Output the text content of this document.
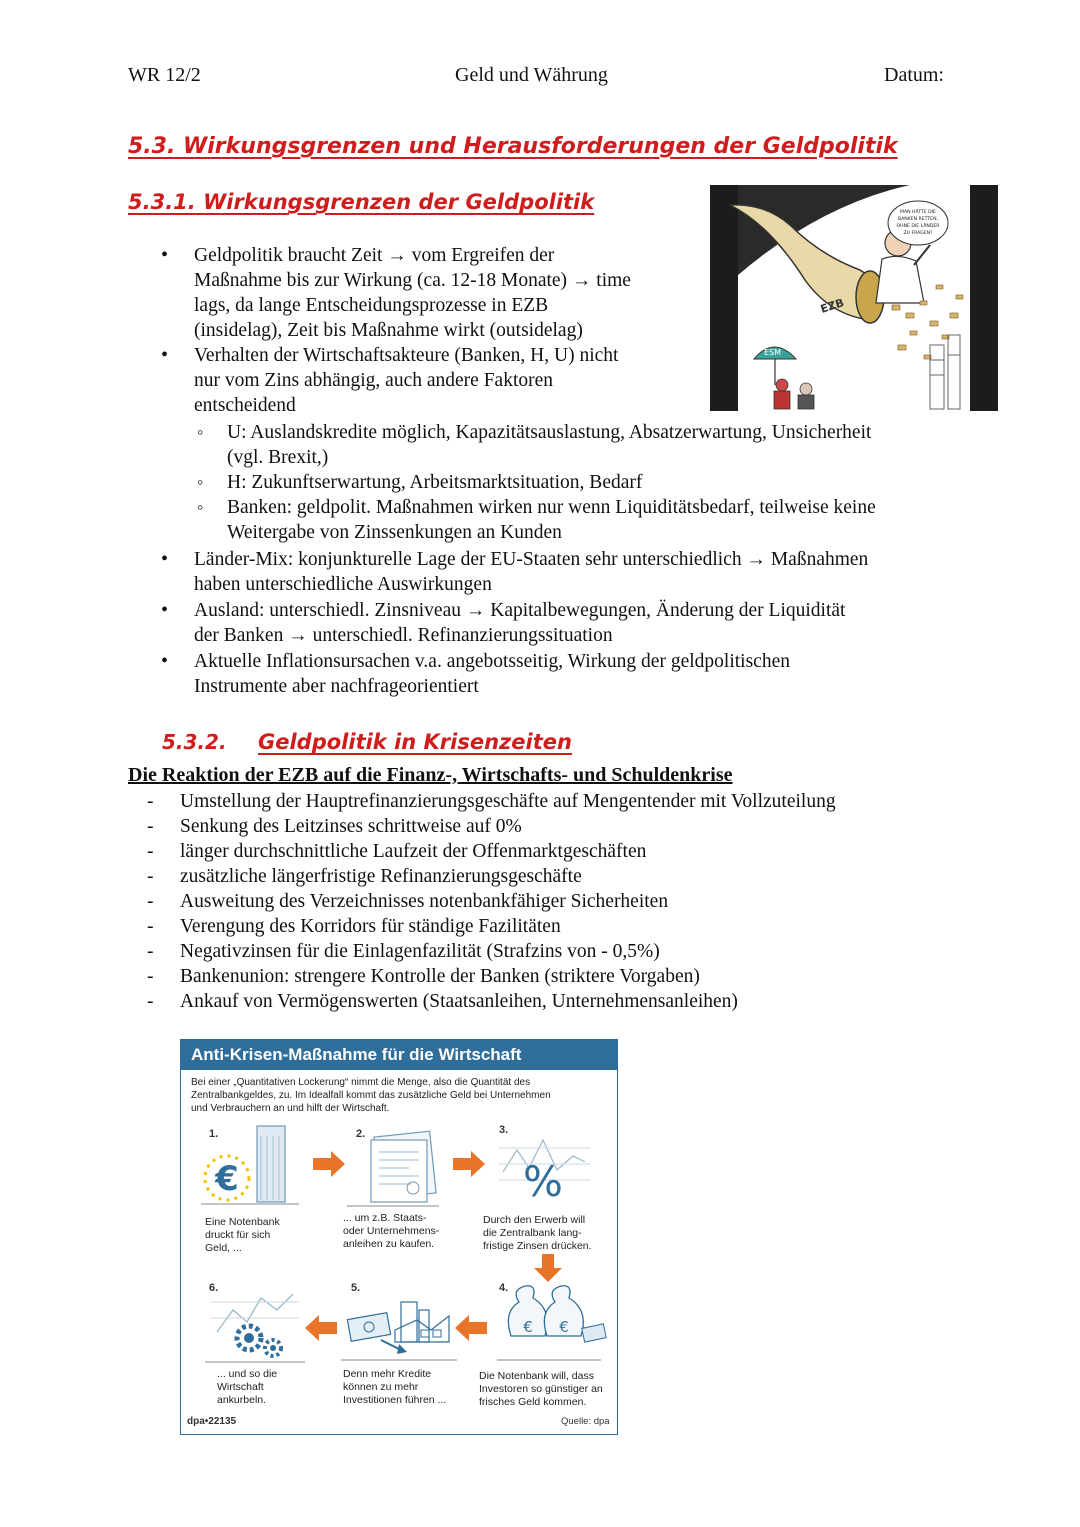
WR 12/2	Geld und Währung	Datum:
5.3. Wirkungsgrenzen und Herausforderungen der Geldpolitik
5.3.1. Wirkungsgrenzen der Geldpolitik
EZB
ESM
MAN HÄTTE DIE
BANKEN RETTEN,
OHNE DIE LÄNDER
ZU FRAGEN?
• Geldpolitik braucht Zeit → vom Ergreifen der
Maßnahme bis zur Wirkung (ca. 12-18 Monate) → time
lags, da lange Entscheidungsprozesse in EZB
(insidelag), Zeit bis Maßnahme wirkt (outsidelag)
• Verhalten der Wirtschaftsakteure (Banken, H, U) nicht
nur vom Zins abhängig, auch andere Faktoren
entscheidend
◦ U: Auslandskredite möglich, Kapazitätsauslastung, Absatzerwartung, Unsicherheit
(vgl. Brexit,)
◦ H: Zukunftserwartung, Arbeitsmarktsituation, Bedarf
◦ Banken: geldpolit. Maßnahmen wirken nur wenn Liquiditätsbedarf, teilweise keine
Weitergabe von Zinssenkungen an Kunden
• Länder-Mix: konjunkturelle Lage der EU-Staaten sehr unterschiedlich → Maßnahmen
haben unterschiedliche Auswirkungen
• Ausland: unterschiedl. Zinsniveau → Kapitalbewegungen, Änderung der Liquidität
der Banken → unterschiedl. Refinanzierungssituation
• Aktuelle Inflationsursachen v.a. angebotsseitig, Wirkung der geldpolitischen
Instrumente aber nachfrageorientiert
5.3.2. Geldpolitik in Krisenzeiten
Die Reaktion der EZB auf die Finanz-, Wirtschafts- und Schuldenkrise
- Umstellung der Hauptrefinanzierungsgeschäfte auf Mengentender mit Vollzuteilung
- Senkung des Leitzinses schrittweise auf 0%
- länger durchschnittliche Laufzeit der Offenmarktgeschäften
- zusätzliche längerfristige Refinanzierungsgeschäfte
- Ausweitung des Verzeichnisses notenbankfähiger Sicherheiten
- Verengung des Korridors für ständige Fazilitäten
- Negativzinsen für die Einlagenfazilität (Strafzins von - 0,5%)
- Bankenunion: strengere Kontrolle der Banken (striktere Vorgaben)
- Ankauf von Vermögenswerten (Staatsanleihen, Unternehmensanleihen)
Anti-Krisen-Maßnahme für die Wirtschaft
Bei einer „Quantitativen Lockerung“ nimmt die Menge, also die Quantität des
Zentralbankgeldes, zu. Im Idealfall kommt das zusätzliche Geld bei Unternehmen
und Verbrauchern an und hilft der Wirtschaft.
1.	2.	3.
4.
5.
6.
€	%
€ €
Eine Notenbank
druckt für sich
Geld, ...
... um z.B. Staats-
oder Unternehmens-
anleihen zu kaufen.
Durch den Erwerb will
die Zentralbank lang-
fristige Zinsen drücken.
Die Notenbank will, dass
Investoren so günstiger an
frisches Geld kommen.
Denn mehr Kredite
können zu mehr
Investitionen führen ...
... und so die
Wirtschaft
ankurbeln.
dpa•22135	Quelle: dpa
